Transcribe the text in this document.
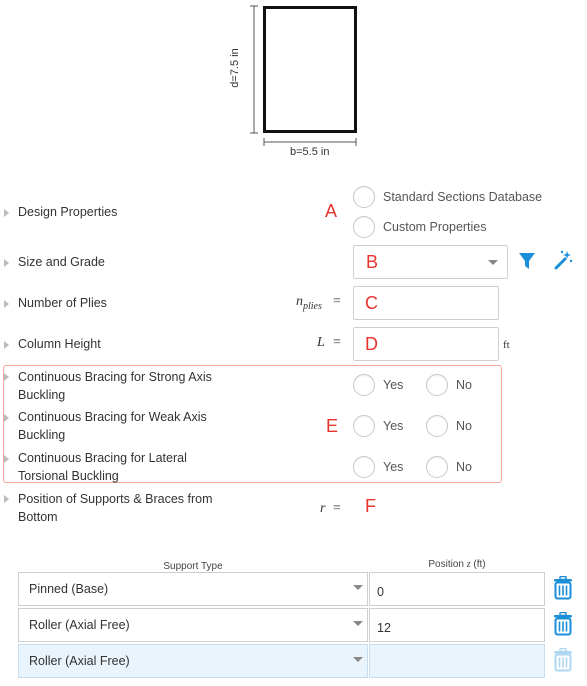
d=7.5 in
b=5.5 in
Design Properties	A
Standard Sections Database
Custom Properties
Size and Grade	B
Number of Plies	$n_{plies} = C$
Column Height	L = D	ft
E
Continuous Bracing for Strong Axis
Buckling
Yes	No
Continuous Bracing for Weak Axis
Buckling
Yes	No
Continuous Bracing for Lateral
Torsional Buckling
Yes	No
Position of Supports & Braces from
Bottom
r = F
Support Type	Position z (ft)
Pinned (Base)	0
Roller (Axial Free)	12
Roller (Axial Free)
